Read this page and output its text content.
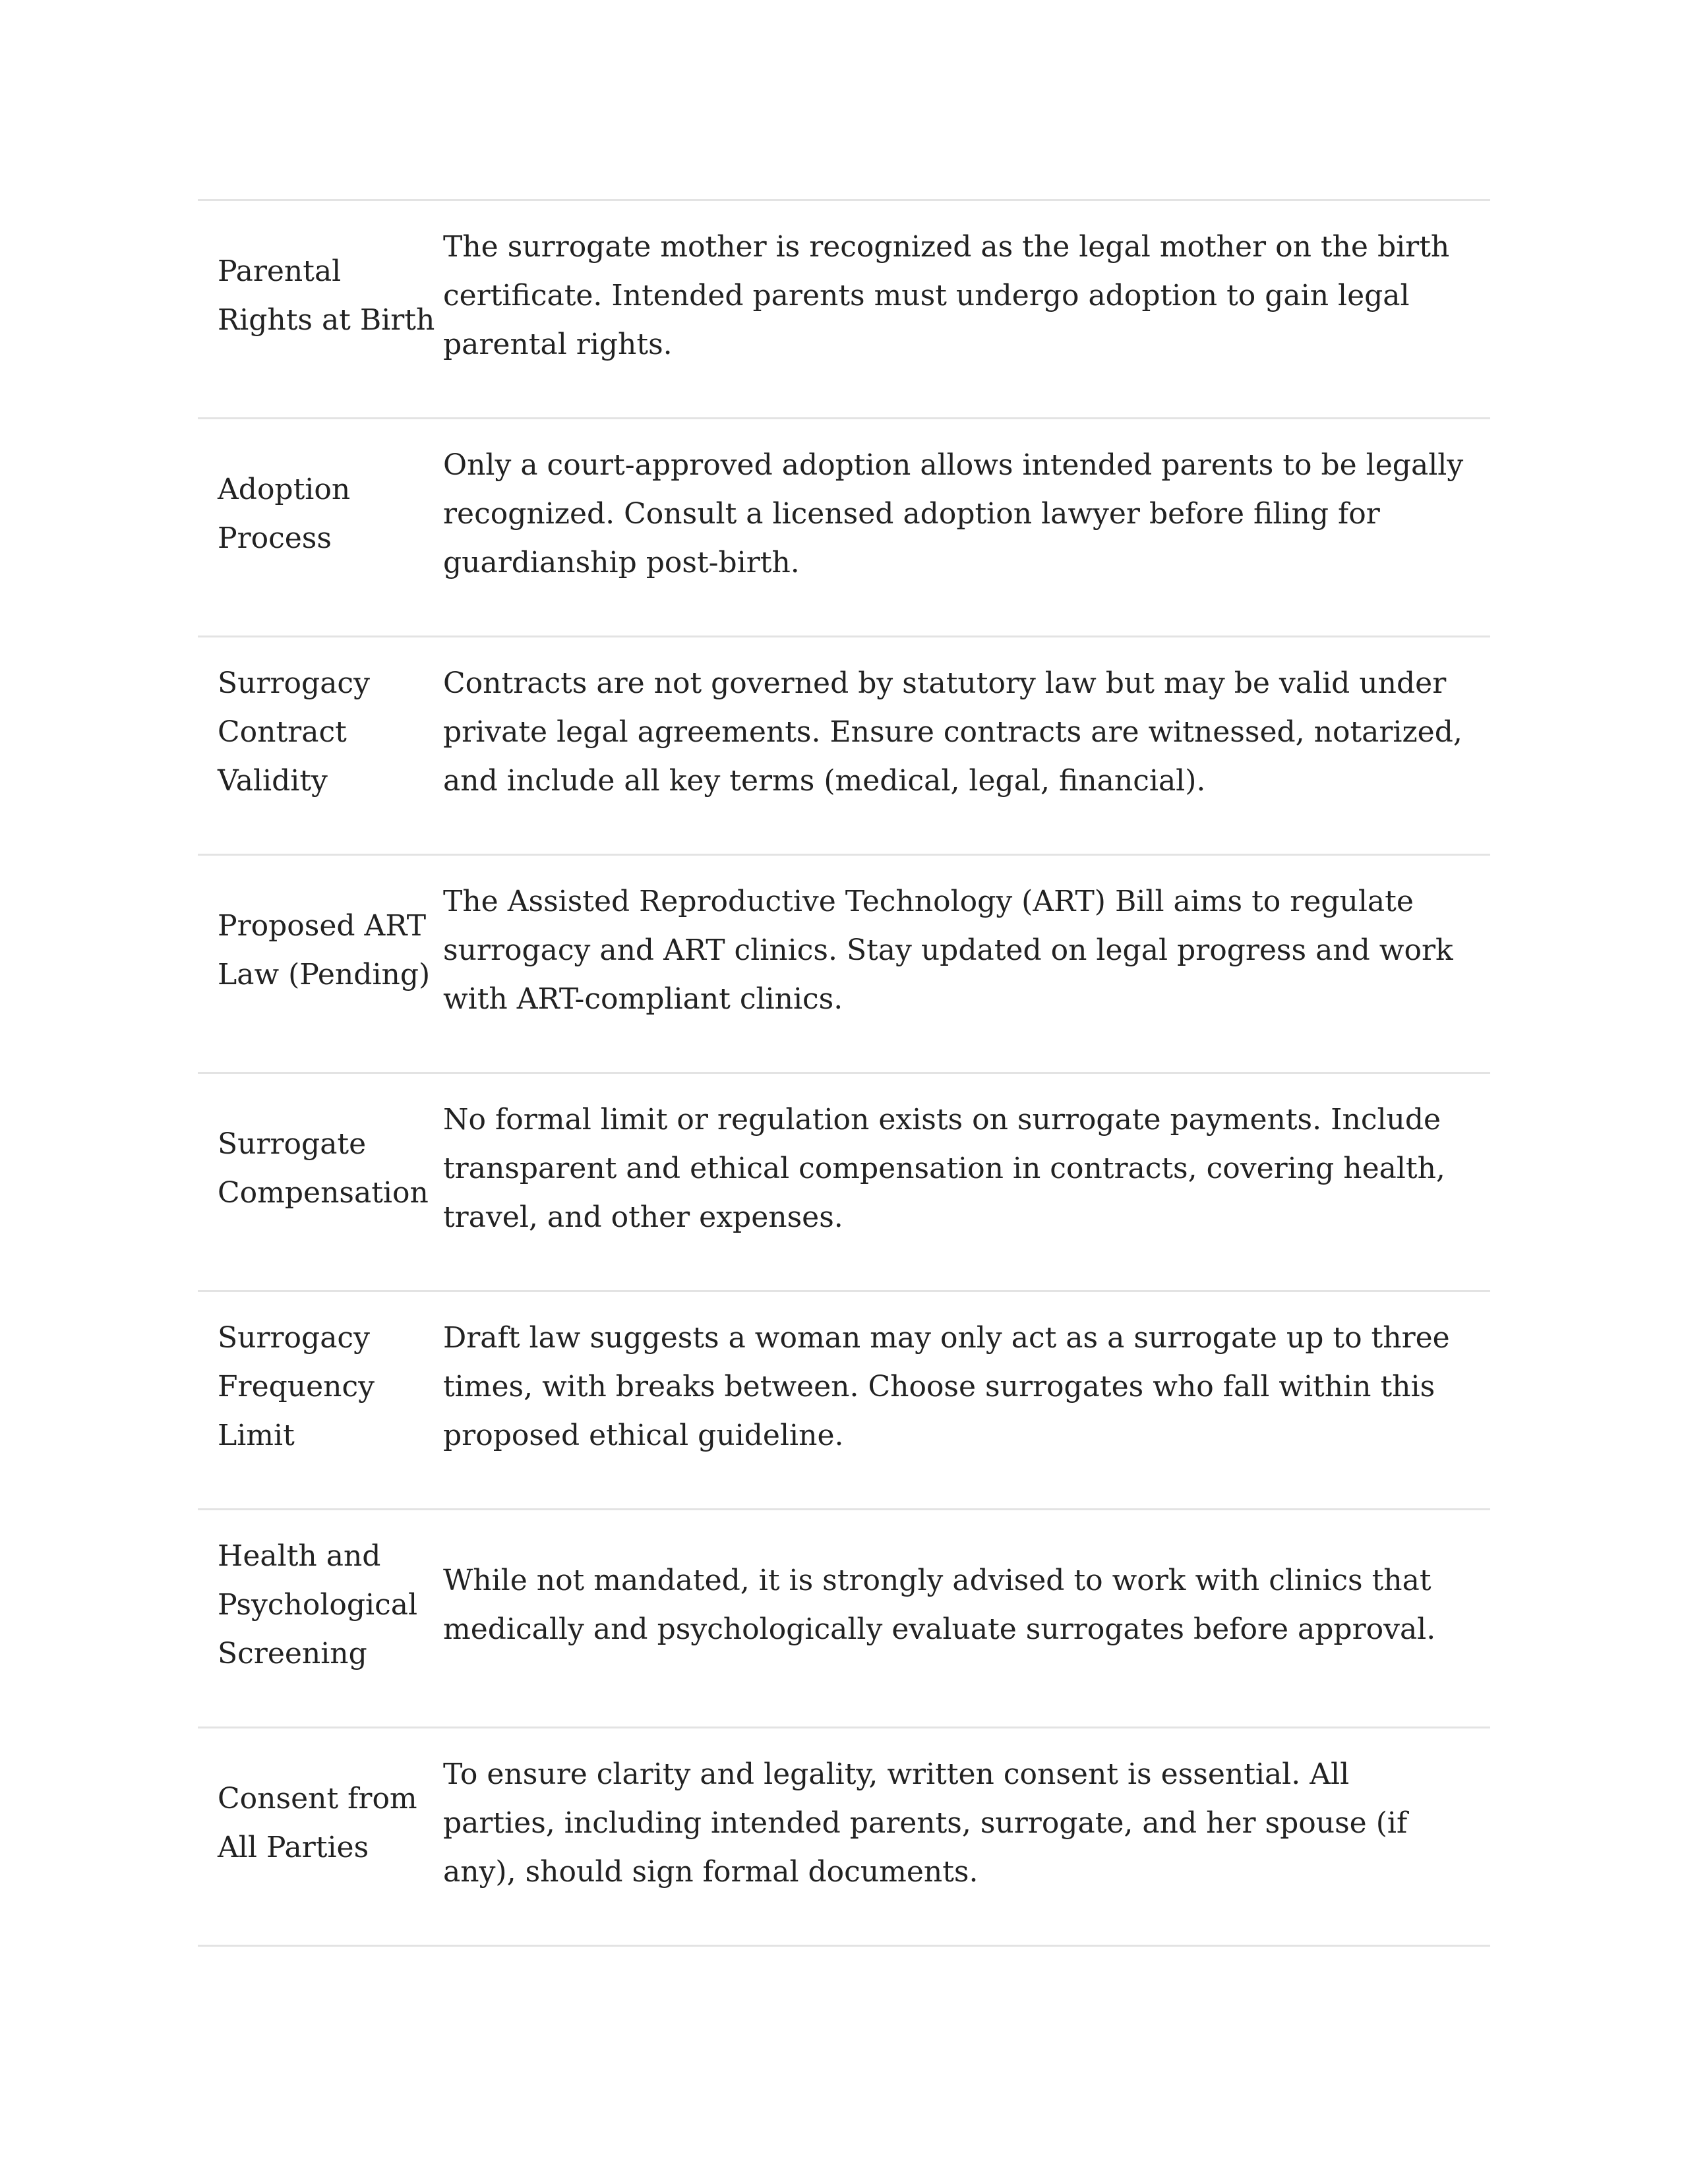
Parental Rights at Birth	The surrogate mother is recognized as the legal mother on the birth certificate. Intended parents must undergo adoption to gain legal parental rights.

Adoption Process	Only a court-approved adoption allows intended parents to be legally recognized. Consult a licensed adoption lawyer before filing for guardianship post-birth.

Surrogacy Contract Validity	Contracts are not governed by statutory law but may be valid under private legal agreements. Ensure contracts are witnessed, notarized, and include all key terms (medical, legal, financial).

Proposed ART Law (Pending)	The Assisted Reproductive Technology (ART) Bill aims to regulate surrogacy and ART clinics. Stay updated on legal progress and work with ART-compliant clinics.

Surrogate Compensation	No formal limit or regulation exists on surrogate payments. Include transparent and ethical compensation in contracts, covering health, travel, and other expenses.

Surrogacy Frequency Limit	Draft law suggests a woman may only act as a surrogate up to three times, with breaks between. Choose surrogates who fall within this proposed ethical guideline.

Health and Psychological Screening	While not mandated, it is strongly advised to work with clinics that medically and psychologically evaluate surrogates before approval.

Consent from All Parties	To ensure clarity and legality, written consent is essential. All parties, including intended parents, surrogate, and her spouse (if any), should sign formal documents.
